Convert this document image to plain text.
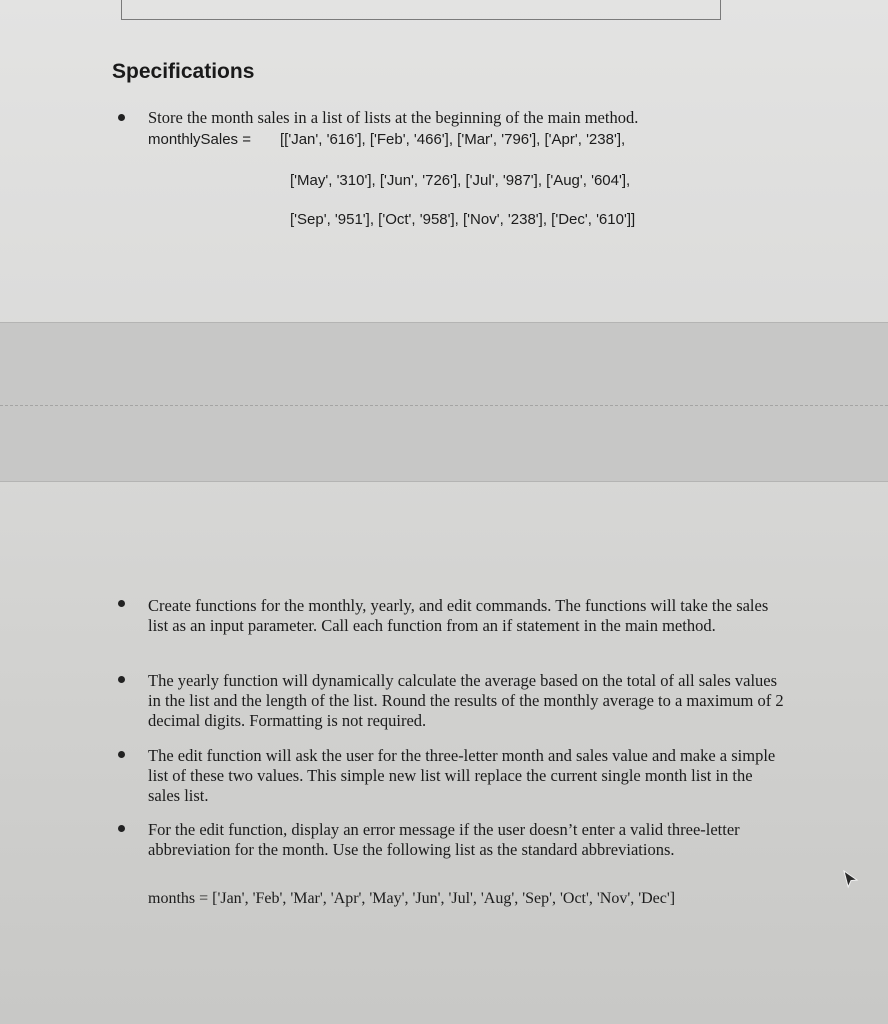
Specifications
Store the month sales in a list of lists at the beginning of the main method.
monthlySales = [['Jan', '616'], ['Feb', '466'], ['Mar', '796'], ['Apr', '238'],
['May', '310'], ['Jun', '726'], ['Jul', '987'], ['Aug', '604'],
['Sep', '951'], ['Oct', '958'], ['Nov', '238'], ['Dec', '610']]
Create functions for the monthly, yearly, and edit commands. The functions will take the sales list as an input parameter. Call each function from an if statement in the main method.
The yearly function will dynamically calculate the average based on the total of all sales values in the list and the length of the list. Round the results of the monthly average to a maximum of 2 decimal digits. Formatting is not required.
The edit function will ask the user for the three-letter month and sales value and make a simple list of these two values. This simple new list will replace the current single month list in the sales list.
For the edit function, display an error message if the user doesn’t enter a valid three-letter abbreviation for the month. Use the following list as the standard abbreviations.
months = ['Jan', 'Feb', 'Mar', 'Apr', 'May', 'Jun', 'Jul', 'Aug', 'Sep', 'Oct', 'Nov', 'Dec']
